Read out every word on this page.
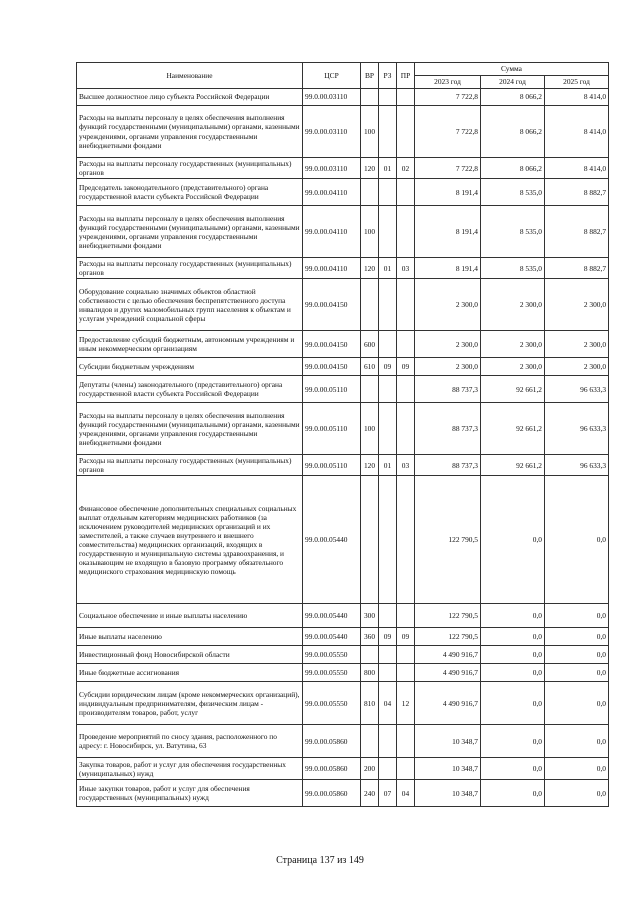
Наименование	ЦСР	ВР	РЗ	ПР	Сумма		
					2023 год	2024 год	2025 год
Высшее должностное лицо субъекта Российской Федерации	99.0.00.03110				7 722,8	8 066,2	8 414,0
Расходы на выплаты персоналу в целях обеспечения выполнения функций государственными (муниципальными) органами, казенными учреждениями, органами управления государственными внебюджетными фондами	99.0.00.03110	100			7 722,8	8 066,2	8 414,0
Расходы на выплаты персоналу государственных (муниципальных) органов	99.0.00.03110	120	01	02	7 722,8	8 066,2	8 414,0
Председатель законодательного (представительного) органа государственной власти субъекта Российской Федерации	99.0.00.04110				8 191,4	8 535,0	8 882,7
Расходы на выплаты персоналу в целях обеспечения выполнения функций государственными (муниципальными) органами, казенными учреждениями, органами управления государственными внебюджетными фондами	99.0.00.04110	100			8 191,4	8 535,0	8 882,7
Расходы на выплаты персоналу государственных (муниципальных) органов	99.0.00.04110	120	01	03	8 191,4	8 535,0	8 882,7
Оборудование социально значимых объектов областной собственности с целью обеспечения беспрепятственного доступа инвалидов и других маломобильных групп населения к объектам и услугам учреждений социальной сферы	99.0.00.04150				2 300,0	2 300,0	2 300,0
Предоставление субсидий бюджетным, автономным учреждениям и иным некоммерческим организациям	99.0.00.04150	600			2 300,0	2 300,0	2 300,0
Субсидии бюджетным учреждениям	99.0.00.04150	610	09	09	2 300,0	2 300,0	2 300,0
Депутаты (члены) законодательного (представительного) органа государственной власти субъекта Российской Федерации	99.0.00.05110				88 737,3	92 661,2	96 633,3
Расходы на выплаты персоналу в целях обеспечения выполнения функций государственными (муниципальными) органами, казенными учреждениями, органами управления государственными внебюджетными фондами	99.0.00.05110	100			88 737,3	92 661,2	96 633,3
Расходы на выплаты персоналу государственных (муниципальных) органов	99.0.00.05110	120	01	03	88 737,3	92 661,2	96 633,3
Финансовое обеспечение дополнительных специальных социальных выплат отдельным категориям медицинских работников (за исключением руководителей медицинских организаций и их заместителей, а также случаев внутреннего и внешнего совместительства) медицинских организаций, входящих в государственную и муниципальную системы здравоохранения, и оказывающим не входящую в базовую программу обязательного медицинского страхования медицинскую помощь	99.0.00.05440				122 790,5	0,0	0,0
Социальное обеспечение и иные выплаты населению	99.0.00.05440	300			122 790,5	0,0	0,0
Иные выплаты населению	99.0.00.05440	360	09	09	122 790,5	0,0	0,0
Инвестиционный фонд Новосибирской области	99.0.00.05550				4 490 916,7	0,0	0,0
Иные бюджетные ассигнования	99.0.00.05550	800			4 490 916,7	0,0	0,0
Субсидии юридическим лицам (кроме некоммерческих организаций), индивидуальным предпринимателям, физическим лицам - производителям товаров, работ, услуг	99.0.00.05550	810	04	12	4 490 916,7	0,0	0,0
Проведение мероприятий по сносу здания, расположенного по адресу: г. Новосибирск, ул. Ватутина, 63	99.0.00.05860				10 348,7	0,0	0,0
Закупка товаров, работ и услуг для обеспечения государственных (муниципальных) нужд	99.0.00.05860	200			10 348,7	0,0	0,0
Иные закупки товаров, работ и услуг для обеспечения государственных (муниципальных) нужд	99.0.00.05860	240	07	04	10 348,7	0,0	0,0
Страница 137 из 149
